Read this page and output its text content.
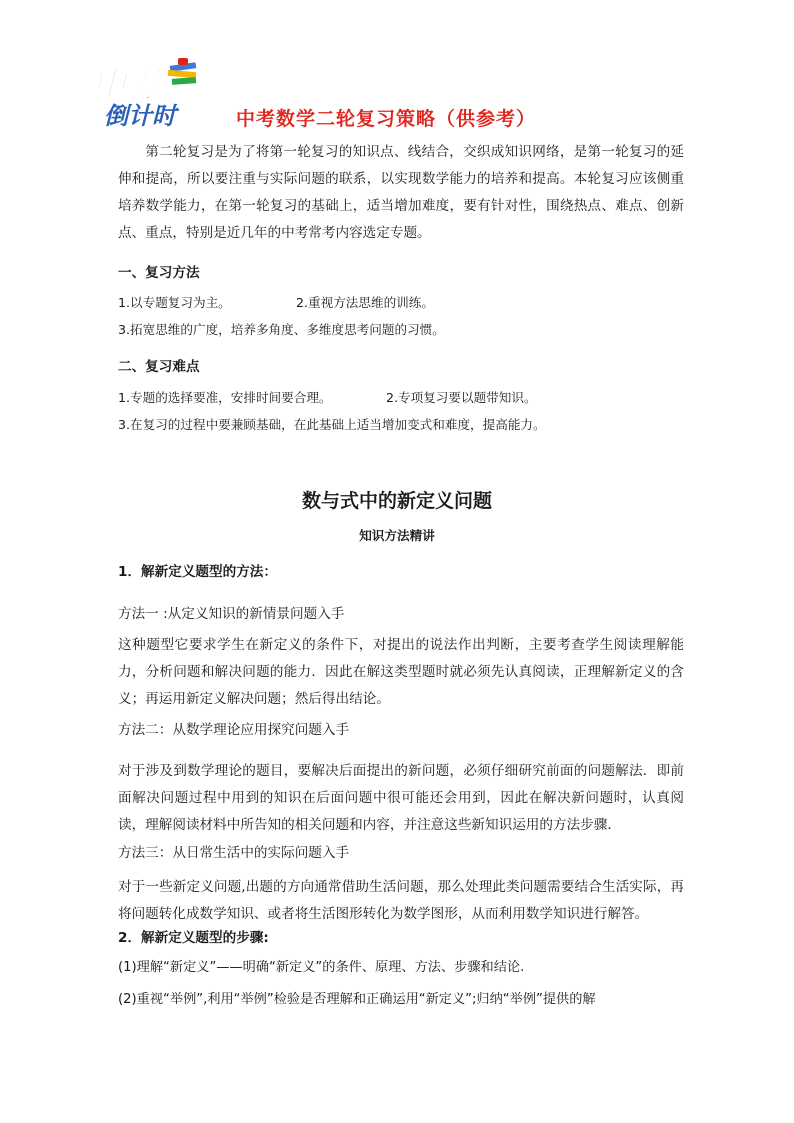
中考
倒计时	中考数学二轮复习策略（供参考）

第二轮复习是为了将第一轮复习的知识点、线结合，交织成知识网络，是第一轮复习的延伸和提高，所以要注重与实际问题的联系，以实现数学能力的培养和提高。本轮复习应该侧重培养数学能力，在第一轮复习的基础上，适当增加难度，要有针对性，围绕热点、难点、创新点、重点，特别是近几年的中考常考内容选定专题。

一、复习方法
1.以专题复习为主。	2.重视方法思维的训练。
3.拓宽思维的广度，培养多角度、多维度思考问题的习惯。
二、复习难点
1.专题的选择要准，安排时间要合理。	2.专项复习要以题带知识。
3.在复习的过程中要兼顾基础，在此基础上适当增加变式和难度，提高能力。
数与式中的新定义问题
知识方法精讲
1．解新定义题型的方法：
方法一 :从定义知识的新情景问题入手

这种题型它要求学生在新定义的条件下，对提出的说法作出判断，主要考查学生阅读理解能力，分析问题和解决问题的能力．因此在解这类型题时就必须先认真阅读，正理解新定义的含义；再运用新定义解决问题；然后得出结论。

方法二：从数学理论应用探究问题入手

对于涉及到数学理论的题目，要解决后面提出的新问题，必须仔细研究前面的问题解法．即前面解决问题过程中用到的知识在后面问题中很可能还会用到，因此在解决新问题时，认真阅读，理解阅读材料中所告知的相关问题和内容，并注意这些新知识运用的方法步骤．

方法三：从日常生活中的实际问题入手

对于一些新定义问题,出题的方向通常借助生活问题，那么处理此类问题需要结合生活实际，再将问题转化成数学知识、或者将生活图形转化为数学图形，从而利用数学知识进行解答。

2．解新定义题型的步骤:
(1)理解“新定义”——明确“新定义”的条件、原理、方法、步骤和结论.
(2)重视“举例”,利用“举例”检验是否理解和正确运用“新定义”;归纳“举例”提供的解
